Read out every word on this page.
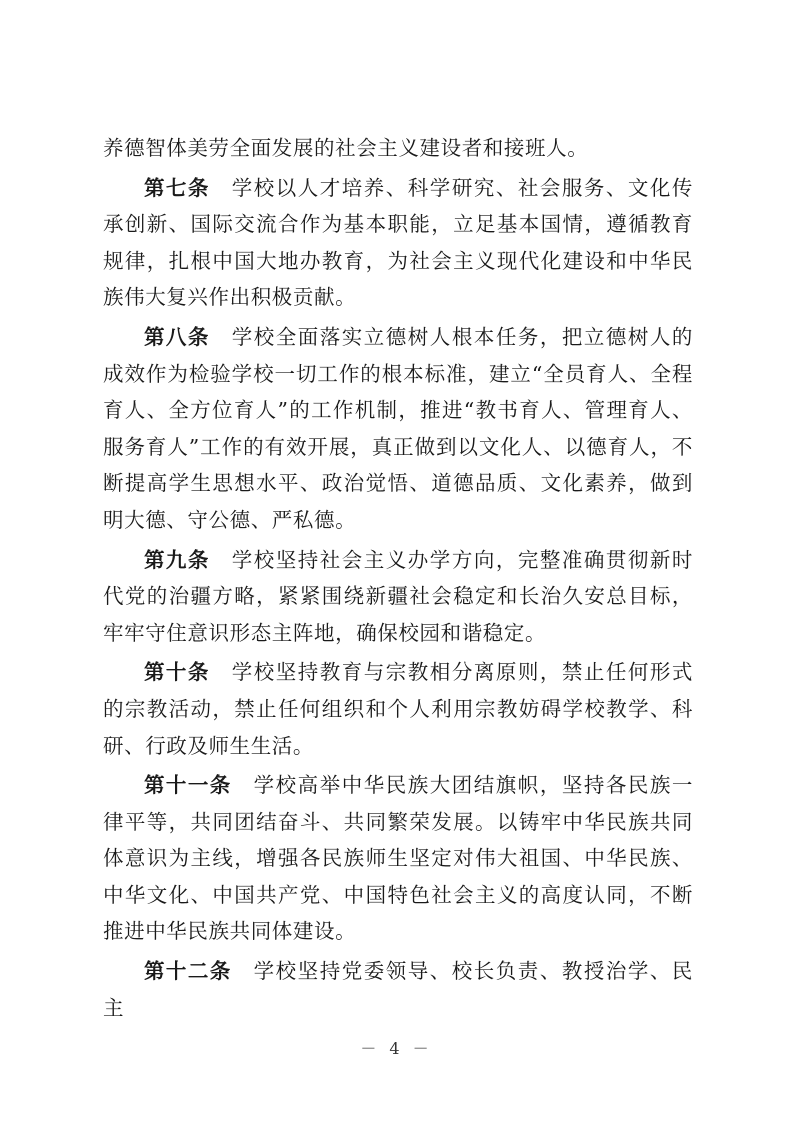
养德智体美劳全面发展的社会主义建设者和接班人。

第七条 学校以人才培养、科学研究、社会服务、文化传承创新、国际交流合作为基本职能，立足基本国情，遵循教育规律，扎根中国大地办教育，为社会主义现代化建设和中华民族伟大复兴作出积极贡献。

第八条 学校全面落实立德树人根本任务，把立德树人的成效作为检验学校一切工作的根本标准，建立“全员育人、全程育人、全方位育人”的工作机制，推进“教书育人、管理育人、服务育人”工作的有效开展，真正做到以文化人、以德育人，不断提高学生思想水平、政治觉悟、道德品质、文化素养，做到明大德、守公德、严私德。

第九条 学校坚持社会主义办学方向，完整准确贯彻新时代党的治疆方略，紧紧围绕新疆社会稳定和长治久安总目标，牢牢守住意识形态主阵地，确保校园和谐稳定。

第十条 学校坚持教育与宗教相分离原则，禁止任何形式的宗教活动，禁止任何组织和个人利用宗教妨碍学校教学、科研、行政及师生生活。

第十一条 学校高举中华民族大团结旗帜，坚持各民族一律平等，共同团结奋斗、共同繁荣发展。以铸牢中华民族共同体意识为主线，增强各民族师生坚定对伟大祖国、中华民族、中华文化、中国共产党、中国特色社会主义的高度认同，不断推进中华民族共同体建设。

第十二条 学校坚持党委领导、校长负责、教授治学、民主

－ 4 －
